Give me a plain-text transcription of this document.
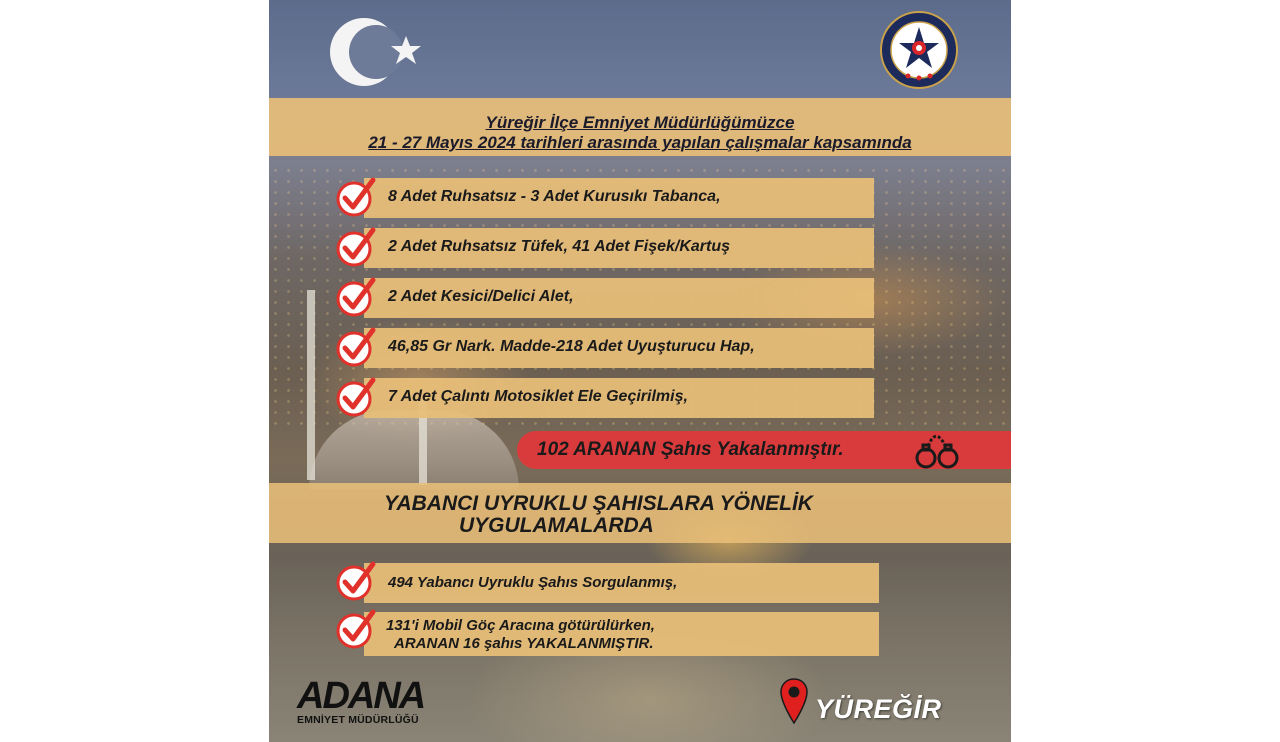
Yüreğir İlçe Emniyet Müdürlüğümüzce
21 - 27 Mayıs 2024 tarihleri arasında yapılan çalışmalar kapsamında
8 Adet Ruhsatsız - 3 Adet Kurusıkı Tabanca,
2 Adet Ruhsatsız Tüfek, 41 Adet Fişek/Kartuş
2 Adet Kesici/Delici Alet,
46,85 Gr Nark. Madde-218 Adet Uyuşturucu Hap,
7 Adet Çalıntı Motosiklet Ele Geçirilmiş,
102 ARANAN Şahıs Yakalanmıştır.
YABANCI UYRUKLU ŞAHISLARA YÖNELİK
UYGULAMALARDA
494 Yabancı Uyruklu Şahıs Sorgulanmış,
131'i Mobil Göç Aracına götürülürken,
ARANAN 16 şahıs YAKALANMIŞTIR.
ADANA
EMNİYET MÜDÜRLÜĞÜ	YÜREĞİR
